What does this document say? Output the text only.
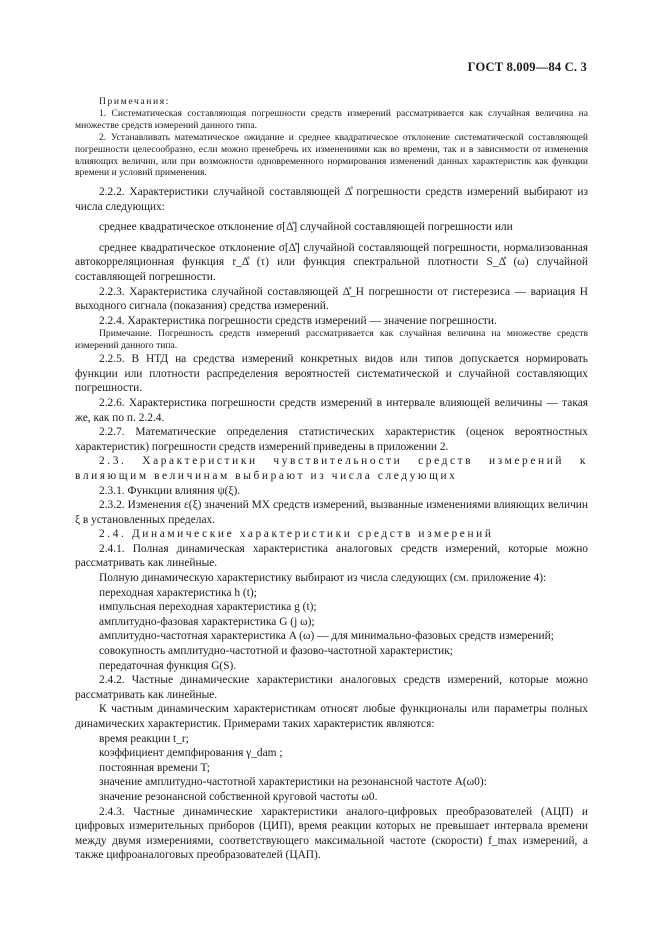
ГОСТ 8.009—84 С. 3

Примечания:

1. Систематическая составляющая погрешности средств измерений рассматривается как случайная величина на множестве средств измерений данного типа.

2. Устанавливать математическое ожидание и среднее квадратическое отклонение систематической составляющей погрешности целесообразно, если можно пренебречь их изменениями как во времени, так и в зависимости от изменения влияющих величин, или при возможности одновременного нормирования изменений данных характеристик как функции времени и условий применения.

2.2.2. Характеристики случайной составляющей Δ̊ погрешности средств измерений выбирают из числа следующих:

среднее квадратическое отклонение σ[Δ̊] случайной составляющей погрешности или

среднее квадратическое отклонение σ[Δ̊] случайной составляющей погрешности, нормализованная автокорреляционная функция r_Δ̊ (τ) или функция спектральной плотности S_Δ̊ (ω) случайной составляющей погрешности.

2.2.3. Характеристика случайной составляющей Δ̊_H погрешности от гистерезиса — вариация H выходного сигнала (показания) средства измерений.

2.2.4. Характеристика погрешности средств измерений — значение погрешности.

Примечание. Погрешность средств измерений рассматривается как случайная величина на множестве средств измерений данного типа.

2.2.5. В НТД на средства измерений конкретных видов или типов допускается нормировать функции или плотности распределения вероятностей систематической и случайной составляющих погрешности.

2.2.6. Характеристика погрешности средств измерений в интервале влияющей величины — такая же, как по п. 2.2.4.

2.2.7. Математические определения статистических характеристик (оценок вероятностных характеристик) погрешности средств измерений приведены в приложении 2.

2.3. Характеристики чувствительности средств измерений к влияющим величинам выбирают из числа следующих

2.3.1. Функции влияния ψ(ξ).

2.3.2. Изменения ε(ξ) значений МХ средств измерений, вызванные изменениями влияющих величин ξ в установленных пределах.

2.4. Динамические характеристики средств измерений

2.4.1. Полная динамическая характеристика аналоговых средств измерений, которые можно рассматривать как линейные.

Полную динамическую характеристику выбирают из числа следующих (см. приложение 4):

переходная характеристика h (t);

импульсная переходная характеристика g (t);

амплитудно-фазовая характеристика G (j ω);

амплитудно-частотная характеристика A (ω) — для минимально-фазовых средств измерений;

совокупность амплитудно-частотной и фазово-частотной характеристик;

передаточная функция G(S).

2.4.2. Частные динамические характеристики аналоговых средств измерений, которые можно рассматривать как линейные.

К частным динамическим характеристикам относят любые функционалы или параметры полных динамических характеристик. Примерами таких характеристик являются:

время реакции t_r;

коэффициент демпфирования γ_dam ;

постоянная времени T;

значение амплитудно-частотной характеристики на резонансной частоте A(ω0):

значение резонансной собственной круговой частоты ω0.

2.4.3. Частные динамические характеристики аналого-цифровых преобразователей (АЦП) и цифровых измерительных приборов (ЦИП), время реакции которых не превышает интервала времени между двумя измерениями, соответствующего максимальной частоте (скорости) f_max измерений, а также цифроаналоговых преобразователей (ЦАП).
